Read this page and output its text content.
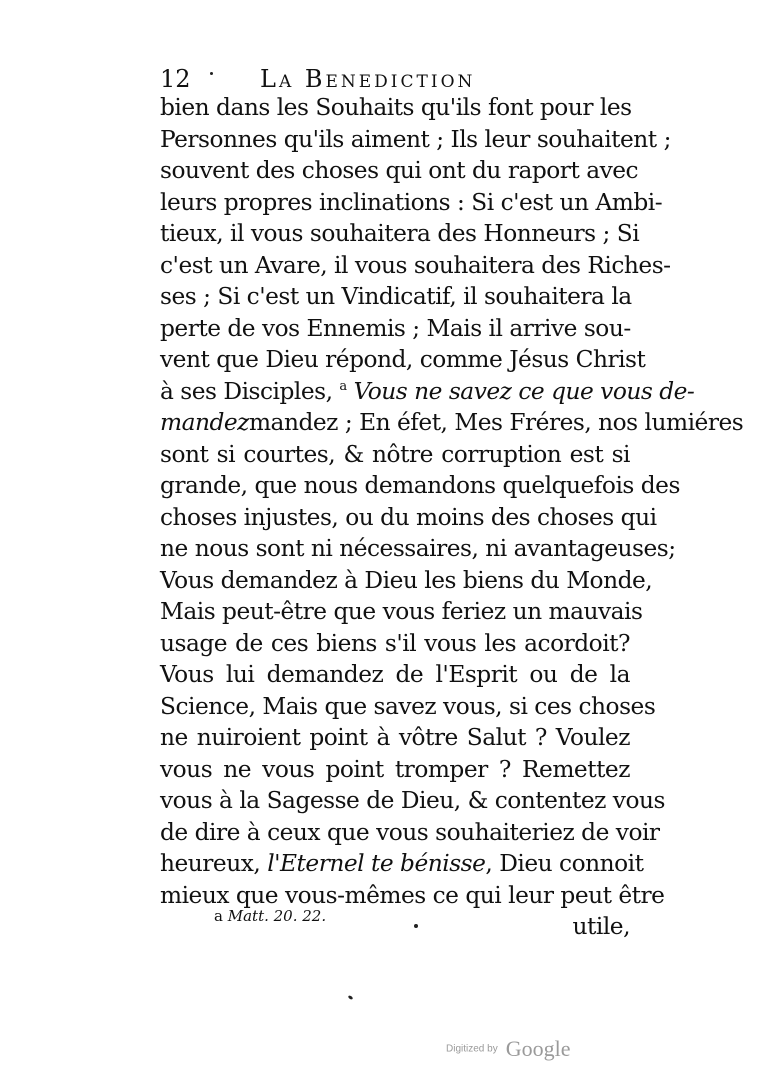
12	La Benediction
bien dans les Souhaits qu'ils font pour les
Personnes qu'ils aiment ; Ils leur souhaitent ;
souvent des choses qui ont du raport avec
leurs propres inclinations : Si c'est un Ambi-
tieux, il vous souhaitera des Honneurs ; Si
c'est un Avare, il vous souhaitera des Riches-
ses ; Si c'est un Vindicatif, il souhaitera la
perte de vos Ennemis ; Mais il arrive sou-
vent que Dieu répond, comme Jésus Christ
à ses Disciples, $^a$ Vous ne savez ce que vous de-
mandezmandez ; En éfet, Mes Fréres, nos lumiéres
sont si courtes, & nôtre corruption est si
grande, que nous demandons quelquefois des
choses injustes, ou du moins des choses qui
ne nous sont ni nécessaires, ni avantageuses;
Vous demandez à Dieu les biens du Monde,
Mais peut-être que vous feriez un mauvais
usage de ces biens s'il vous les acordoit?
Vous lui demandez de l'Esprit ou de la
Science, Mais que savez vous, si ces choses
ne nuiroient point à vôtre Salut ? Voulez
vous ne vous point tromper ? Remettez
vous à la Sagesse de Dieu, & contentez vous
de dire à ceux que vous souhaiteriez de voir
heureux, l'Eternel te bénisse, Dieu connoit
mieux que vous-mêmes ce qui leur peut être
utile,
a Matt. 20. 22.
Digitized by Google
